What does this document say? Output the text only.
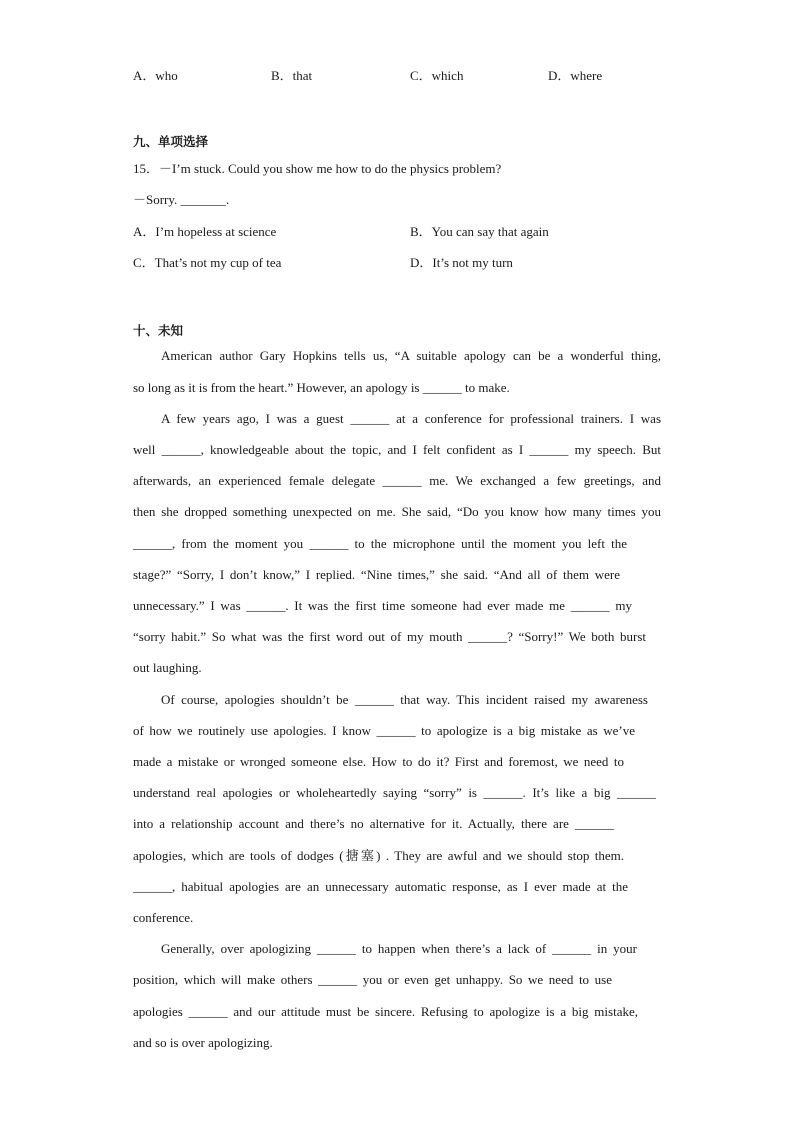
A．who	B．that	C．which	D．where
九、单项选择
15．－I’m stuck. Could you show me how to do the physics problem?
－Sorry. _______.
A．I’m hopeless at science	B．You can say that again
C．That’s not my cup of tea	D．It’s not my turn
十、未知
American author Gary Hopkins tells us, “A suitable apology can be a wonderful thing,
so long as it is from the heart.” However, an apology is ______ to make.
A few years ago, I was a guest ______ at a conference for professional trainers. I was
well ______, knowledgeable about the topic, and I felt confident as I ______ my speech. But
afterwards, an experienced female delegate ______ me. We exchanged a few greetings, and
then she dropped something unexpected on me. She said, “Do you know how many times you
______, from the moment you ______ to the microphone until the moment you left the
stage?” “Sorry, I don’t know,” I replied. “Nine times,” she said. “And all of them were
unnecessary.” I was ______. It was the first time someone had ever made me ______ my
“sorry habit.” So what was the first word out of my mouth ______? “Sorry!” We both burst
out laughing.
Of course, apologies shouldn’t be ______ that way. This incident raised my awareness
of how we routinely use apologies. I know ______ to apologize is a big mistake as we’ve
made a mistake or wronged someone else. How to do it? First and foremost, we need to
understand real apologies or wholeheartedly saying “sorry” is ______. It’s like a big ______
into a relationship account and there’s no alternative for it. Actually, there are ______
apologies, which are tools of dodges (搪塞) . They are awful and we should stop them.
______, habitual apologies are an unnecessary automatic response, as I ever made at the
conference.
Generally, over apologizing ______ to happen when there’s a lack of ______ in your
position, which will make others ______ you or even get unhappy. So we need to use
apologies ______ and our attitude must be sincere. Refusing to apologize is a big mistake,
and so is over apologizing.
